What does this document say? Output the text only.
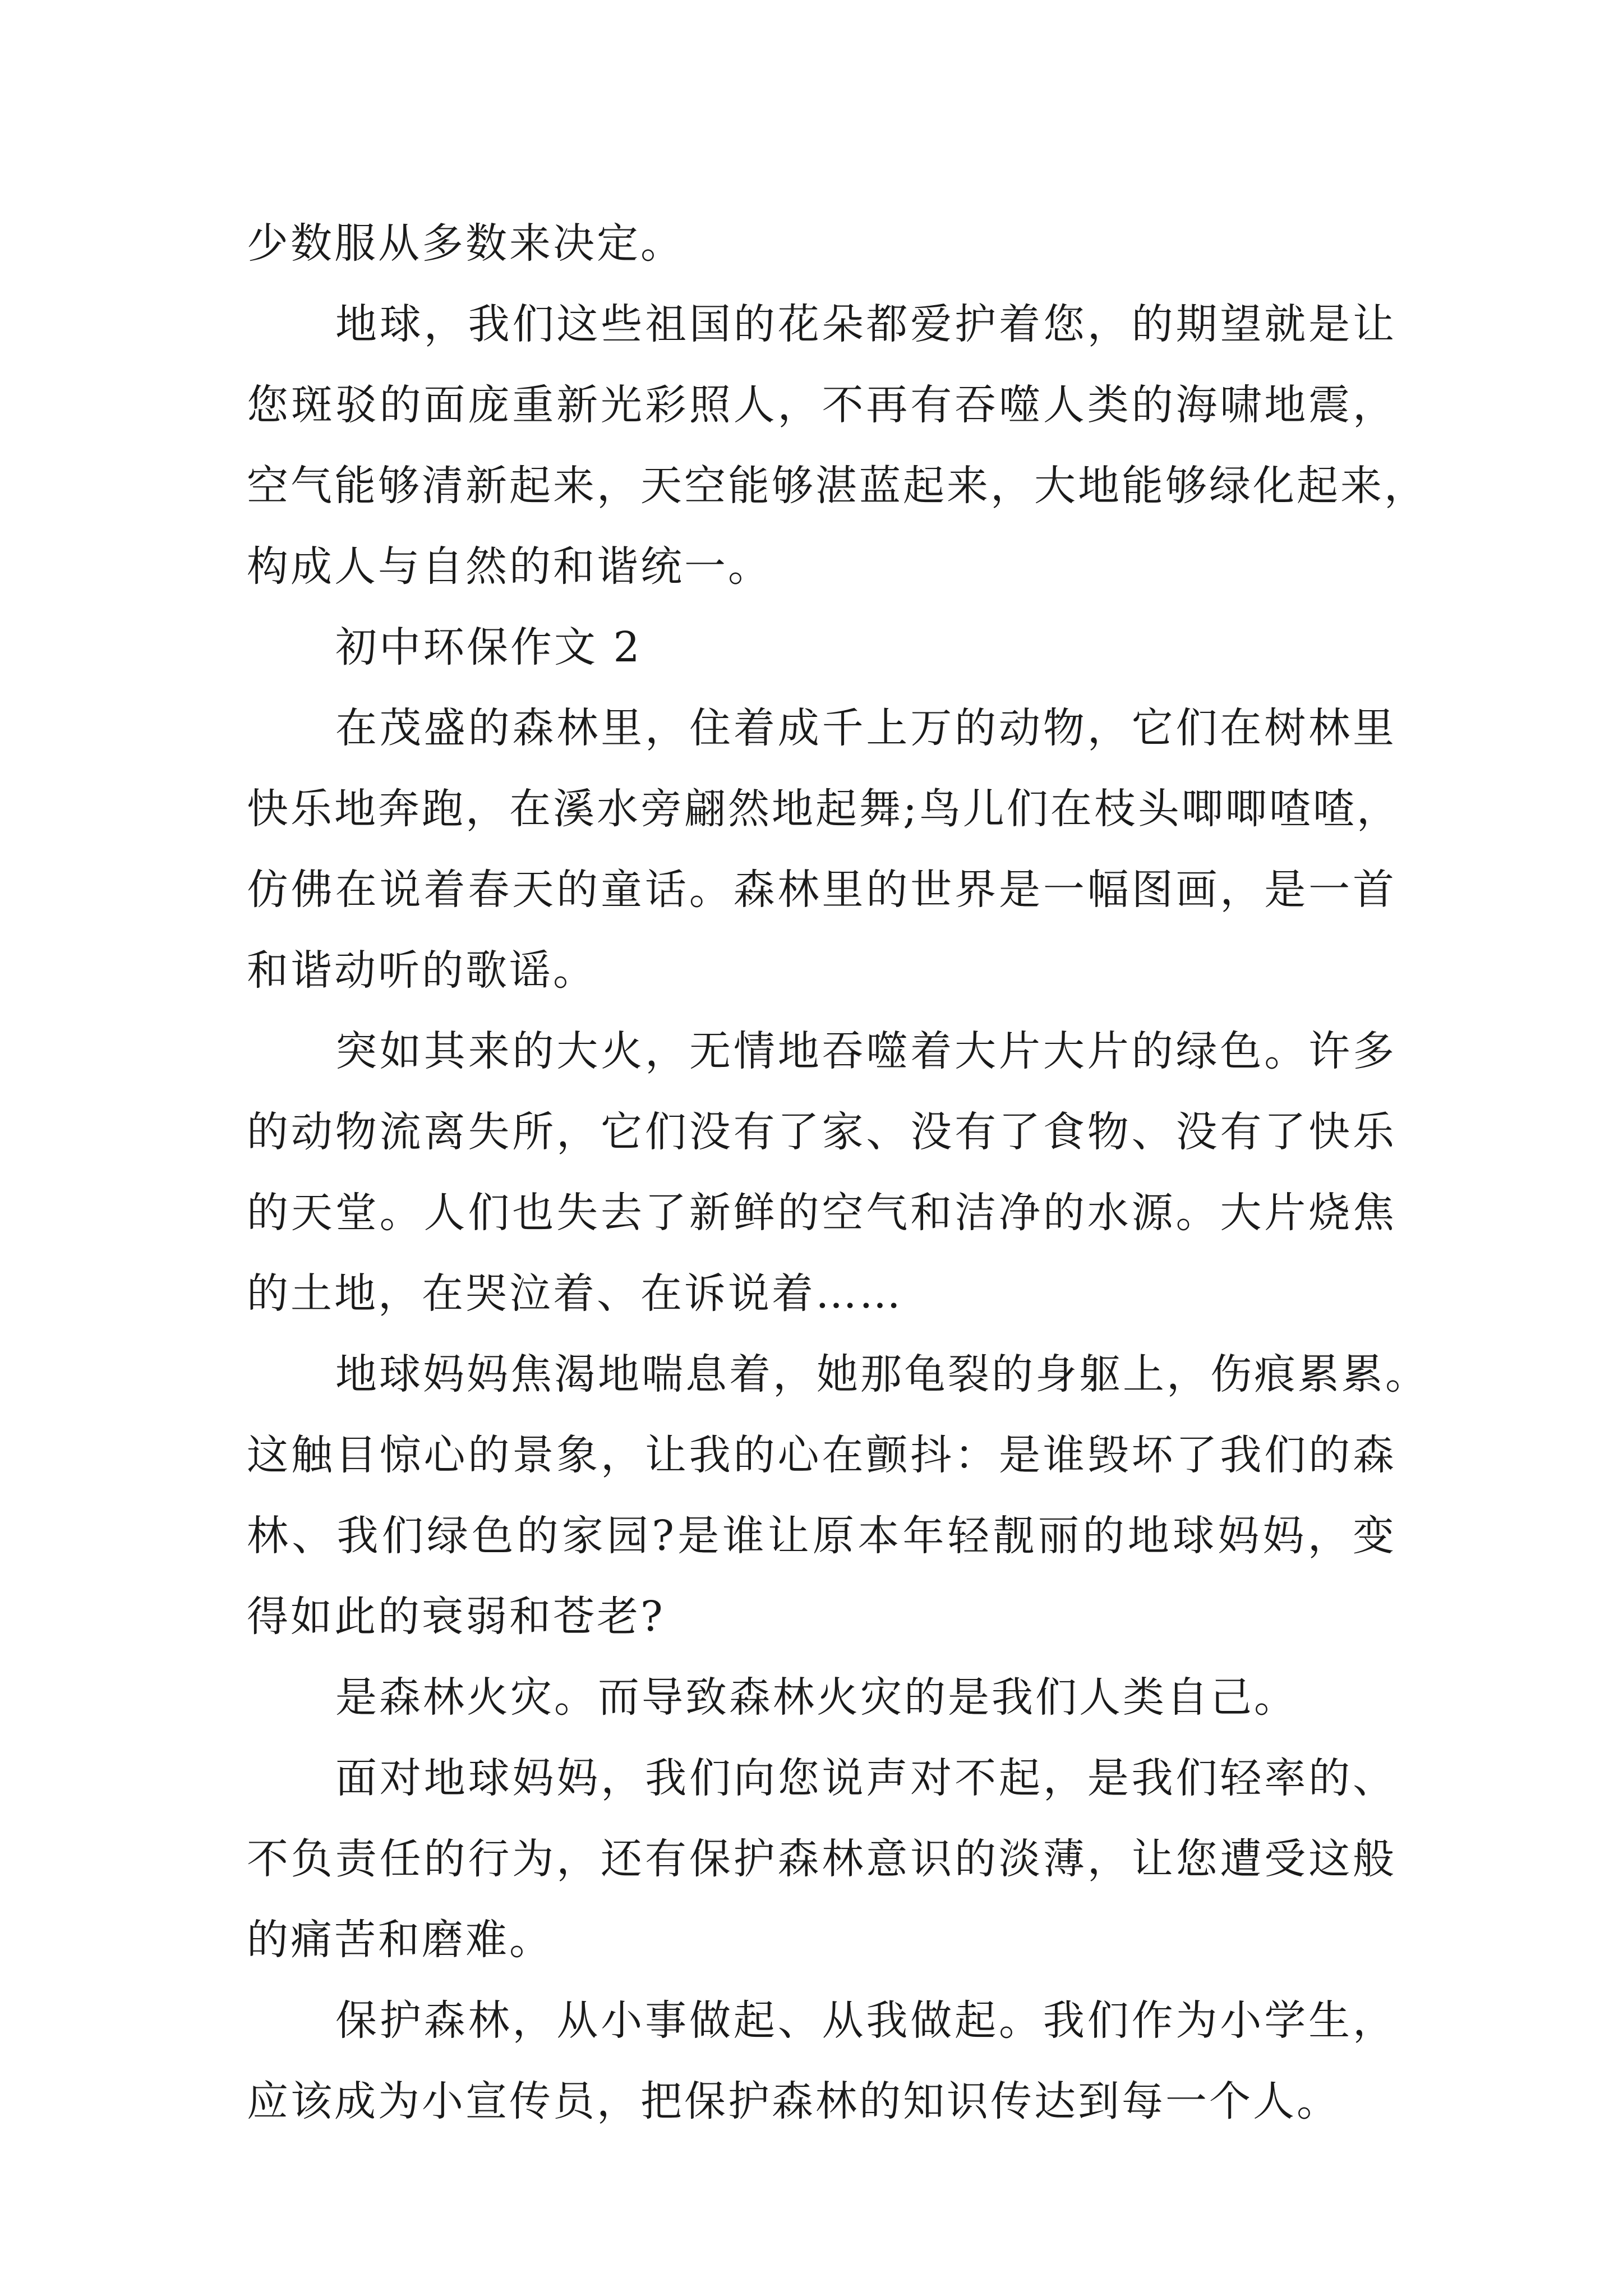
少数服从多数来决定。
地球，我们这些祖国的花朵都爱护着您，的期望就是让
您斑驳的面庞重新光彩照人，不再有吞噬人类的海啸地震，
空气能够清新起来，天空能够湛蓝起来，大地能够绿化起来，
构成人与自然的和谐统一。
初中环保作文 2
在茂盛的森林里，住着成千上万的动物，它们在树林里
快乐地奔跑，在溪水旁翩然地起舞;鸟儿们在枝头唧唧喳喳，
仿佛在说着春天的童话。森林里的世界是一幅图画，是一首
和谐动听的歌谣。
突如其来的大火，无情地吞噬着大片大片的绿色。许多
的动物流离失所，它们没有了家、没有了食物、没有了快乐
的天堂。人们也失去了新鲜的空气和洁净的水源。大片烧焦
的土地，在哭泣着、在诉说着……
地球妈妈焦渴地喘息着，她那龟裂的身躯上，伤痕累累。
这触目惊心的景象，让我的心在颤抖：是谁毁坏了我们的森
林、我们绿色的家园?是谁让原本年轻靓丽的地球妈妈，变
得如此的衰弱和苍老?
是森林火灾。而导致森林火灾的是我们人类自己。
面对地球妈妈，我们向您说声对不起，是我们轻率的、
不负责任的行为，还有保护森林意识的淡薄，让您遭受这般
的痛苦和磨难。
保护森林，从小事做起、从我做起。我们作为小学生，
应该成为小宣传员，把保护森林的知识传达到每一个人。
